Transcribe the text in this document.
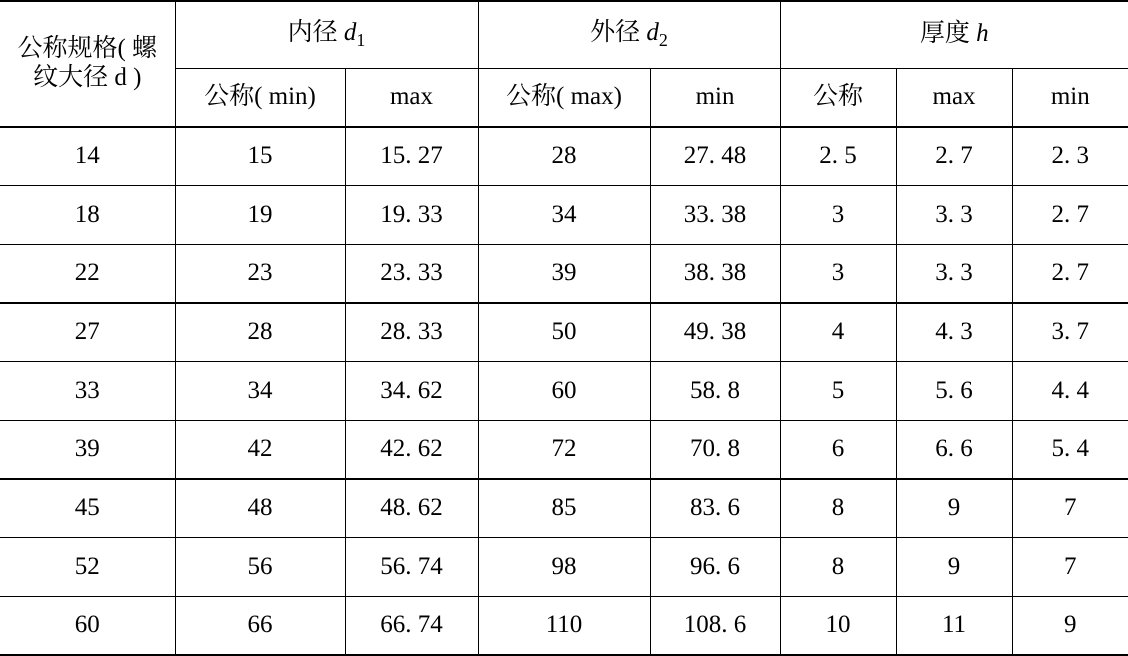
公称规格( 螺
纹大径 d )	内径 $d_1$		外径 $d_2$		厚度 h		
	公称( min)	max	公称( max)	min	公称	max	min
14	15	15. 27	28	27. 48	2. 5	2. 7	2. 3
18	19	19. 33	34	33. 38	3	3. 3	2. 7
22	23	23. 33	39	38. 38	3	3. 3	2. 7
27	28	28. 33	50	49. 38	4	4. 3	3. 7
33	34	34. 62	60	58. 8	5	5. 6	4. 4
39	42	42. 62	72	70. 8	6	6. 6	5. 4
45	48	48. 62	85	83. 6	8	9	7
52	56	56. 74	98	96. 6	8	9	7
60	66	66. 74	110	108. 6	10	11	9
